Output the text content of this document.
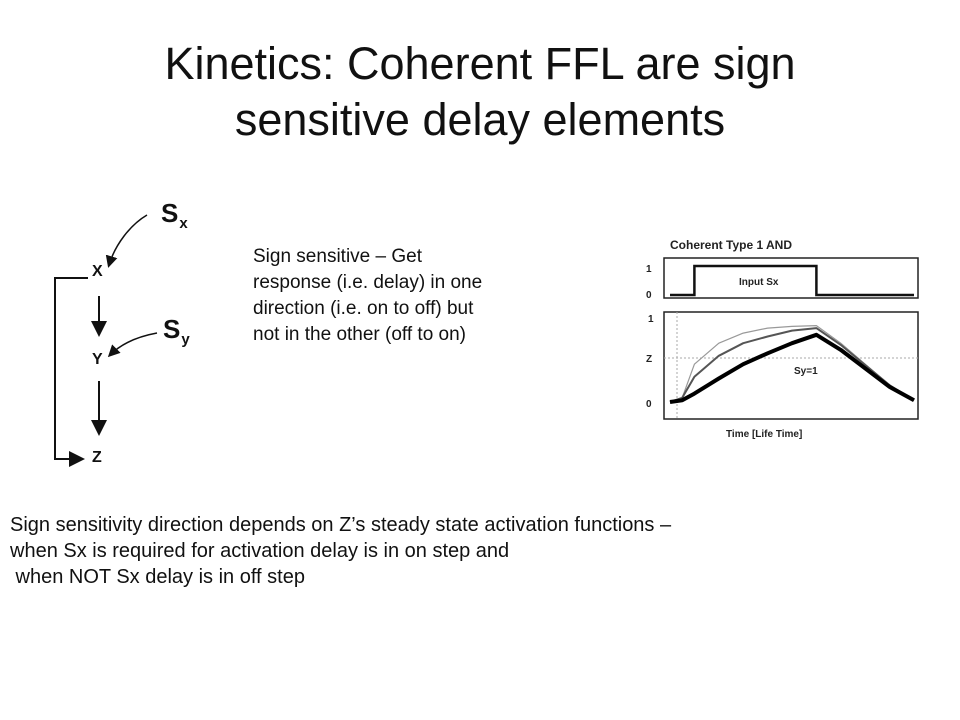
Kinetics: Coherent FFL are sign
sensitive delay elements
X
Y
Z
$S_x$
$S_y$
Sign sensitive – Get
response (i.e. delay) in one
direction (i.e. on to off) but
not in the other (off to on)
Coherent Type 1 AND
1
0
Input Sx
1
Z
0
Sy=1
Time [Life Time]
Sign sensitivity direction depends on Z’s steady state activation functions –
when Sx is required for activation delay is in on step and
when NOT Sx delay is in off step
